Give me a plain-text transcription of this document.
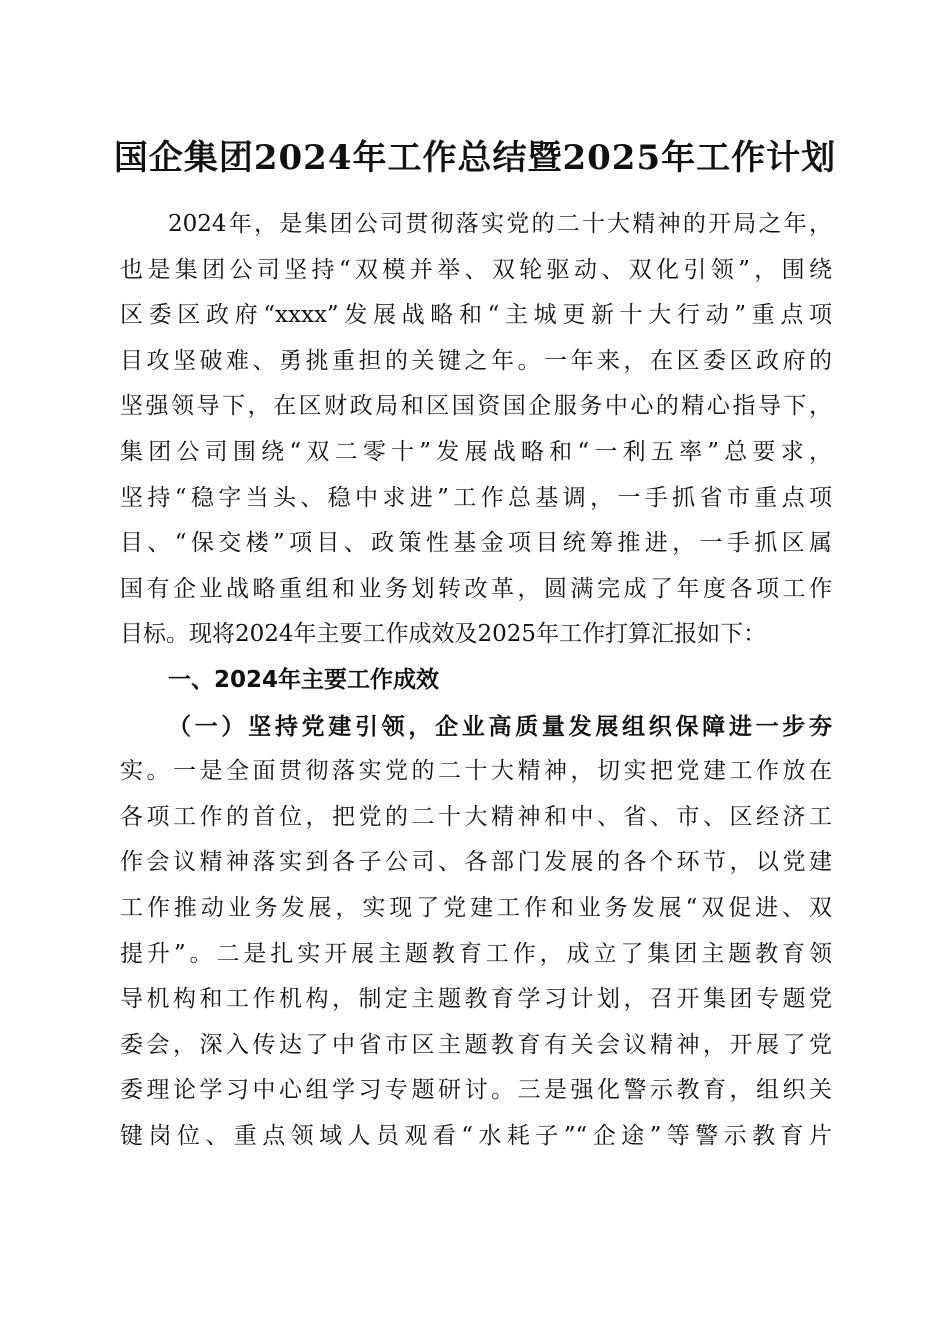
国企集团2024年工作总结暨2025年工作计划
2024年，是集团公司贯彻落实党的二十大精神的开局之年，
也是集团公司坚持“双模并举、双轮驱动、双化引领”，围绕
区委区政府“xxxx”发展战略和“主城更新十大行动”重点项
目攻坚破难、勇挑重担的关键之年。一年来，在区委区政府的
坚强领导下，在区财政局和区国资国企服务中心的精心指导下，
集团公司围绕“双二零十”发展战略和“一利五率”总要求，
坚持“稳字当头、稳中求进”工作总基调，一手抓省市重点项
目、“保交楼”项目、政策性基金项目统筹推进，一手抓区属
国有企业战略重组和业务划转改革，圆满完成了年度各项工作
目标。现将2024年主要工作成效及2025年工作打算汇报如下：
一、2024年主要工作成效
（一）坚持党建引领，企业高质量发展组织保障进一步夯
实。一是全面贯彻落实党的二十大精神，切实把党建工作放在
各项工作的首位，把党的二十大精神和中、省、市、区经济工
作会议精神落实到各子公司、各部门发展的各个环节，以党建
工作推动业务发展，实现了党建工作和业务发展“双促进、双
提升”。二是扎实开展主题教育工作，成立了集团主题教育领
导机构和工作机构，制定主题教育学习计划，召开集团专题党
委会，深入传达了中省市区主题教育有关会议精神，开展了党
委理论学习中心组学习专题研讨。三是强化警示教育，组织关
键岗位、重点领域人员观看“水耗子”“企途”等警示教育片
